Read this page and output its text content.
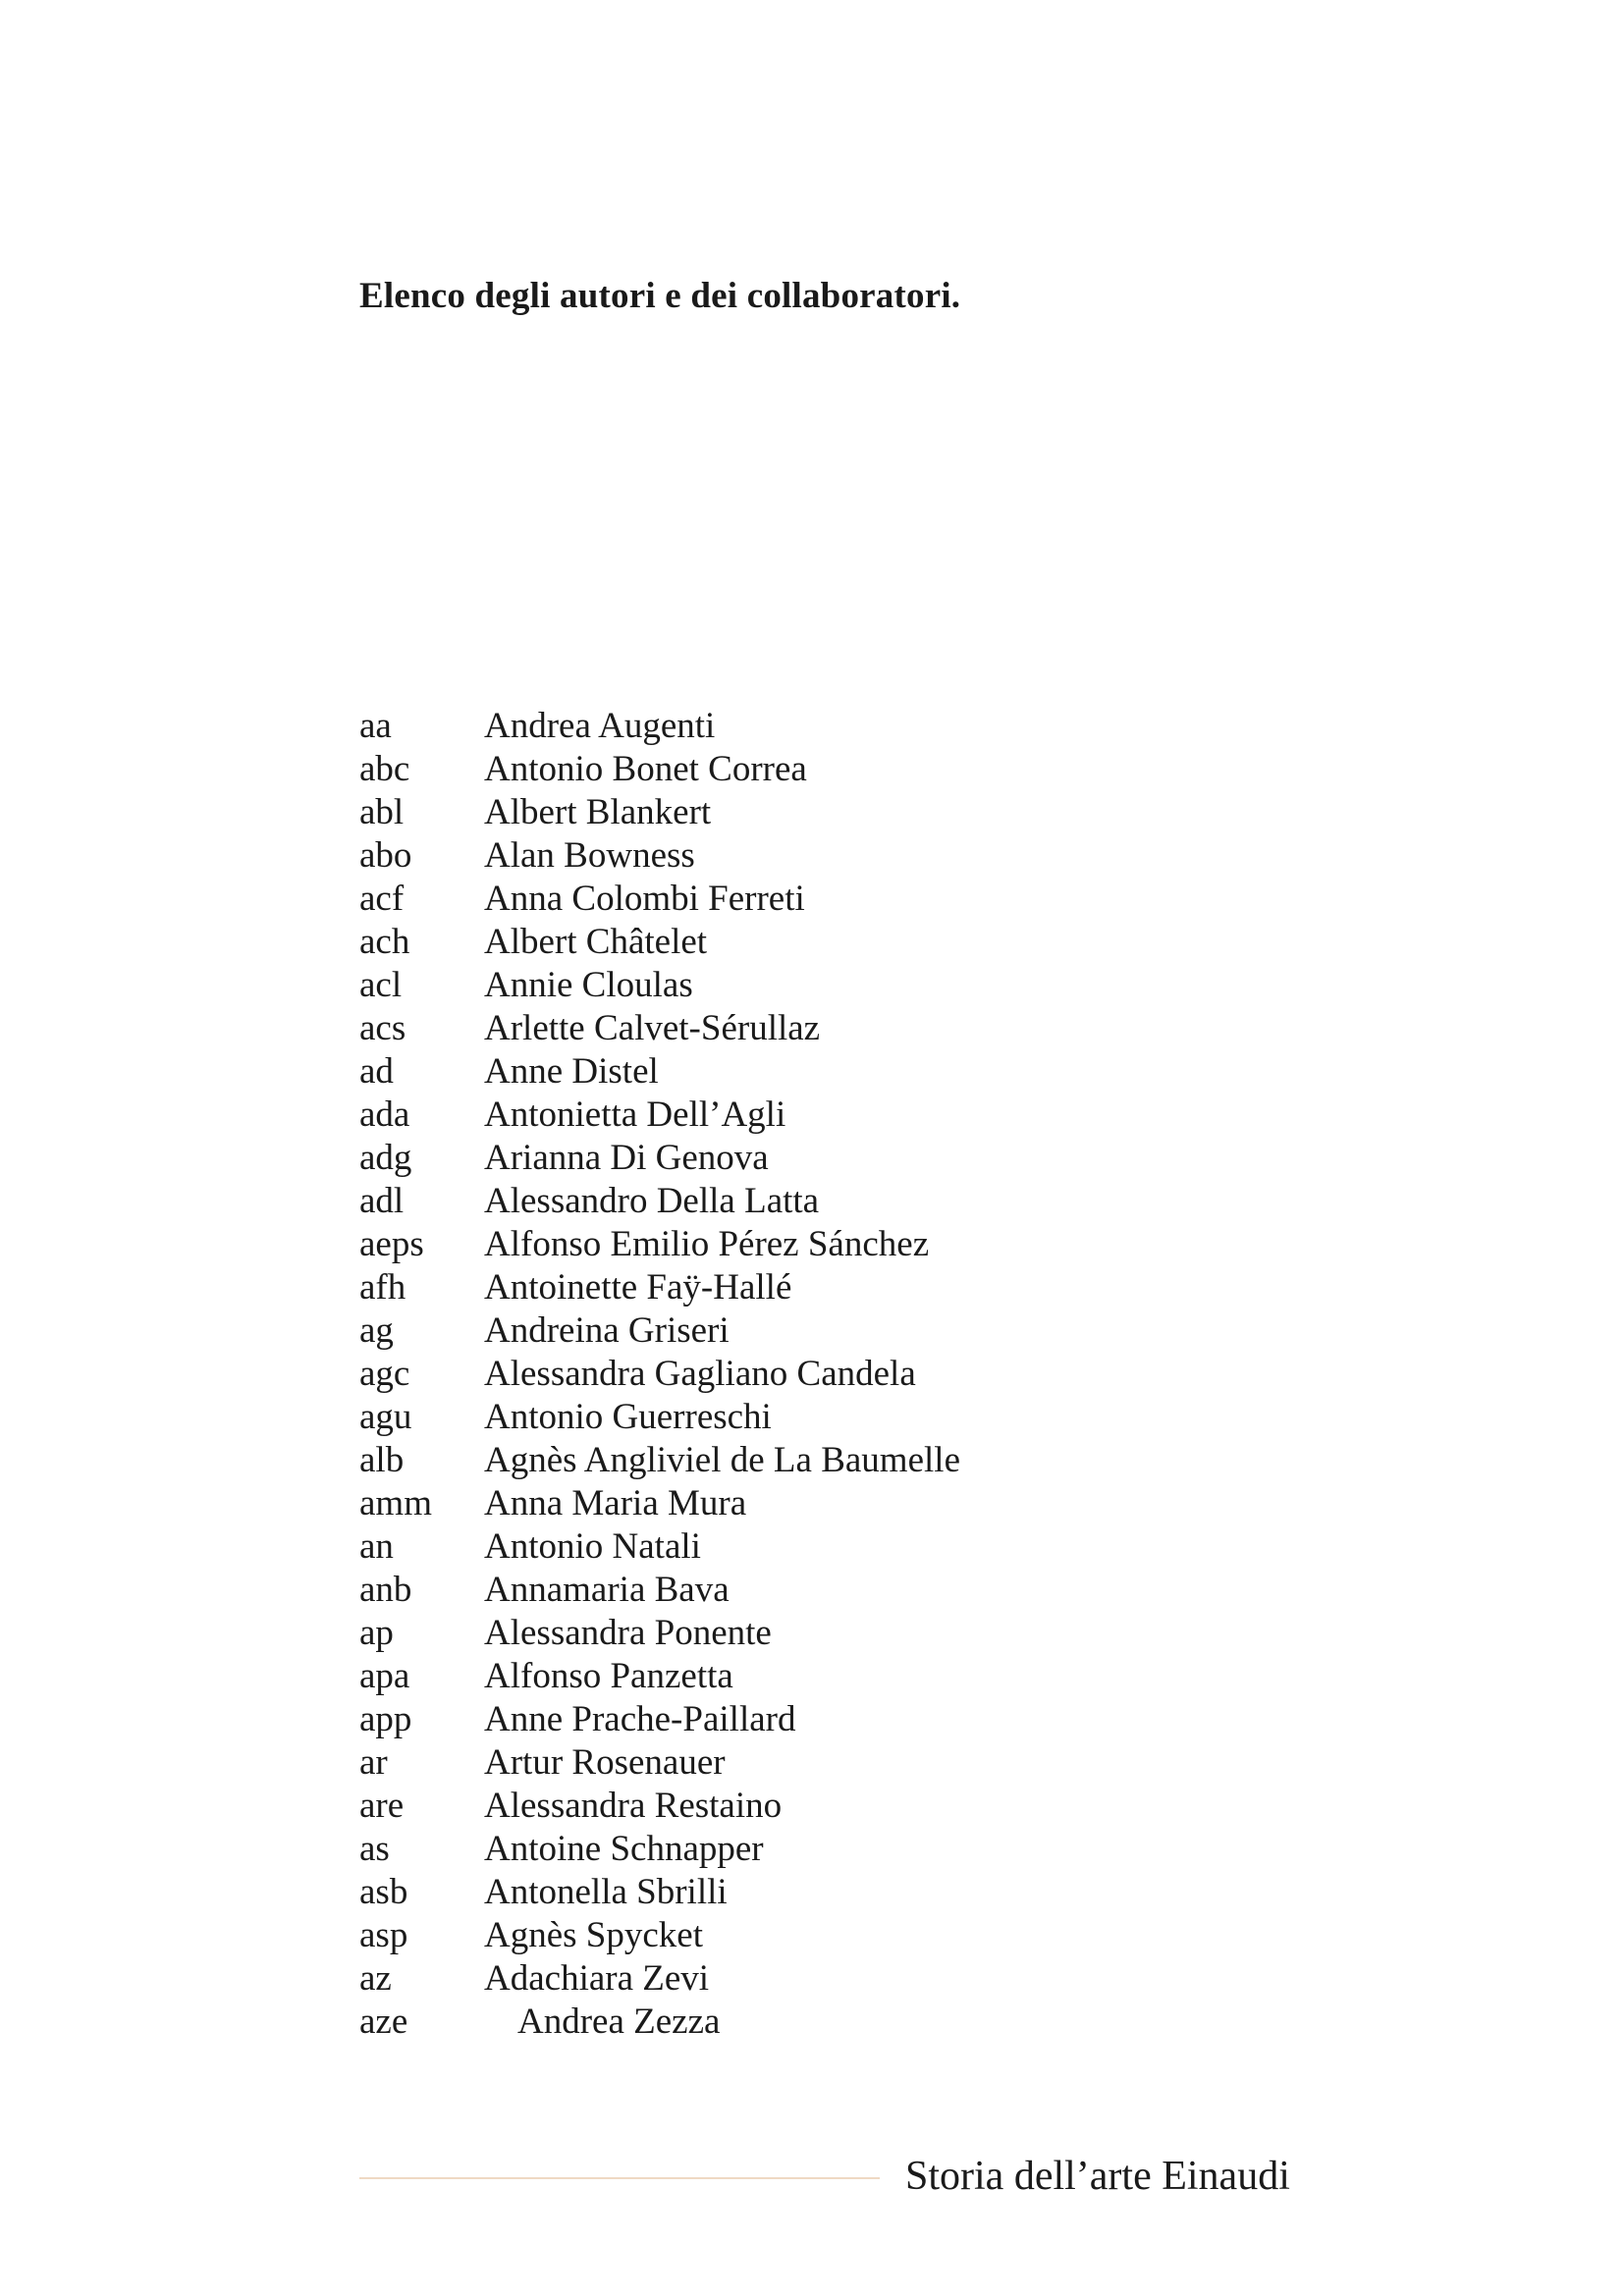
Elenco degli autori e dei collaboratori.
aa	Andrea Augenti
abc	Antonio Bonet Correa
abl	Albert Blankert
abo	Alan Bowness
acf	Anna Colombi Ferreti
ach	Albert Châtelet
acl	Annie Cloulas
acs	Arlette Calvet-Sérullaz
ad	Anne Distel
ada	Antonietta Dell’Agli
adg	Arianna Di Genova
adl	Alessandro Della Latta
aeps	Alfonso Emilio Pérez Sánchez
afh	Antoinette Faÿ-Hallé
ag	Andreina Griseri
agc	Alessandra Gagliano Candela
agu	Antonio Guerreschi
alb	Agnès Angliviel de La Baumelle
amm	Anna Maria Mura
an	Antonio Natali
anb	Annamaria Bava
ap	Alessandra Ponente
apa	Alfonso Panzetta
app	Anne Prache-Paillard
ar	Artur Rosenauer
are	Alessandra Restaino
as	Antoine Schnapper
asb	Antonella Sbrilli
asp	Agnès Spycket
az	Adachiara Zevi
aze	Andrea Zezza
Storia dell’arte Einaudi
